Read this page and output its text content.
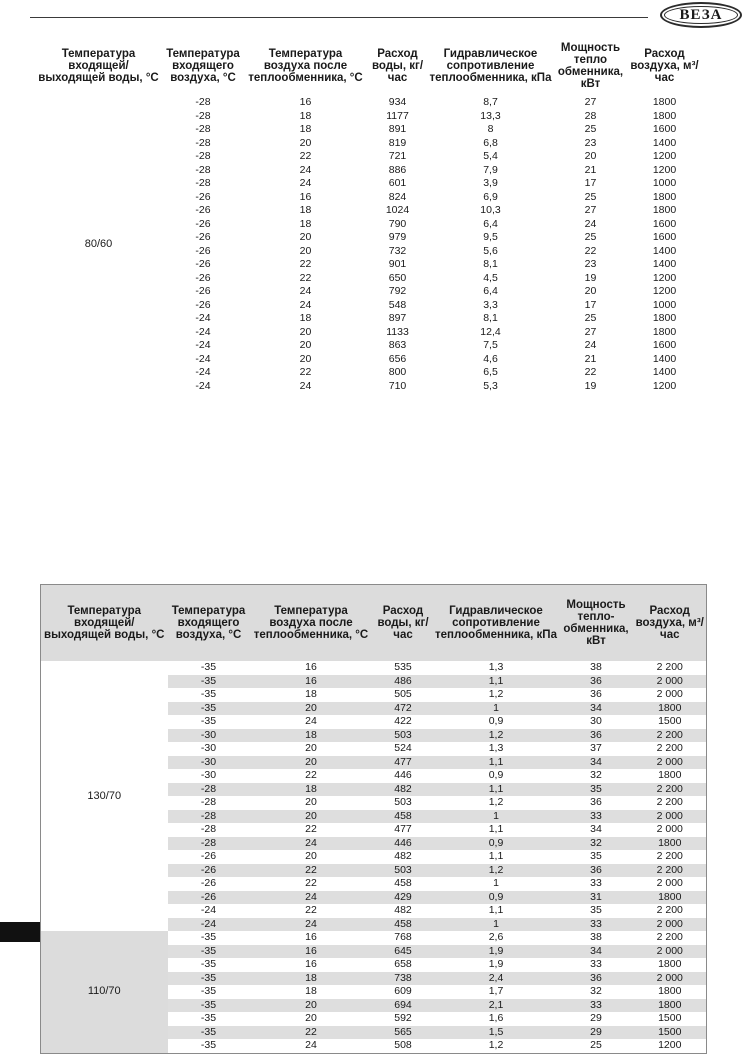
ВЕЗА
Температура входящей/ выходящей воды, °C	Температура входящего воздуха, °C	Температура воздуха после теплообменника, °C	Расход воды, кг/час	Гидравлическое сопротивление теплообменника, кПа	Мощность тепло обменника, кВт	Расход воздуха, м³/час
80/60	-28	16	934	8,7	27	1800
	-28	18	1177	13,3	28	1800
	-28	18	891	8	25	1600
	-28	20	819	6,8	23	1400
	-28	22	721	5,4	20	1200
	-28	24	886	7,9	21	1200
	-28	24	601	3,9	17	1000
	-26	16	824	6,9	25	1800
	-26	18	1024	10,3	27	1800
	-26	18	790	6,4	24	1600
	-26	20	979	9,5	25	1600
	-26	20	732	5,6	22	1400
	-26	22	901	8,1	23	1400
	-26	22	650	4,5	19	1200
	-26	24	792	6,4	20	1200
	-26	24	548	3,3	17	1000
	-24	18	897	8,1	25	1800
	-24	20	1133	12,4	27	1800
	-24	20	863	7,5	24	1600
	-24	20	656	4,6	21	1400
	-24	22	800	6,5	22	1400
	-24	24	710	5,3	19	1200
Температура входящей/ выходящей воды, °C	Температура входящего воздуха, °C	Температура воздуха после теплообменника, °C	Расход воды, кг/час	Гидравлическое сопротивление теплообменника, кПа	Мощность тепло- обменника, кВт	Расход воздуха, м³/час
130/70	-35	16	535	1,3	38	2 200
	-35	16	486	1,1	36	2 000
	-35	18	505	1,2	36	2 000
	-35	20	472	1	34	1800
	-35	24	422	0,9	30	1500
	-30	18	503	1,2	36	2 200
	-30	20	524	1,3	37	2 200
	-30	20	477	1,1	34	2 000
	-30	22	446	0,9	32	1800
	-28	18	482	1,1	35	2 200
	-28	20	503	1,2	36	2 200
	-28	20	458	1	33	2 000
	-28	22	477	1,1	34	2 000
	-28	24	446	0,9	32	1800
	-26	20	482	1,1	35	2 200
	-26	22	503	1,2	36	2 200
	-26	22	458	1	33	2 000
	-26	24	429	0,9	31	1800
	-24	22	482	1,1	35	2 200
	-24	24	458	1	33	2 000
110/70	-35	16	768	2,6	38	2 200
	-35	16	645	1,9	34	2 000
	-35	16	658	1,9	33	1800
	-35	18	738	2,4	36	2 000
	-35	18	609	1,7	32	1800
	-35	20	694	2,1	33	1800
	-35	20	592	1,6	29	1500
	-35	22	565	1,5	29	1500
	-35	24	508	1,2	25	1200
